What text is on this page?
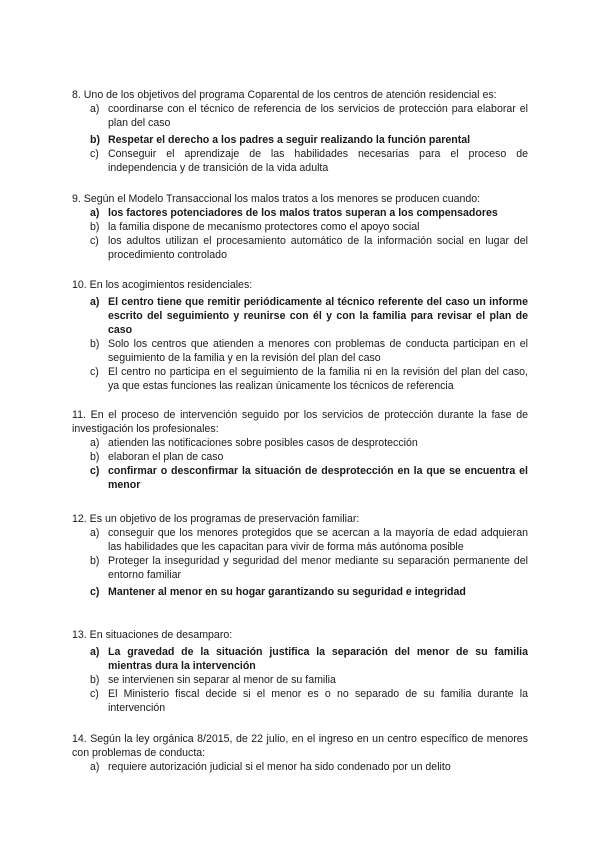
8. Uno de los objetivos del programa Coparental de los centros de atención residencial es:
a) coordinarse con el técnico de referencia de los servicios de protección para elaborar el plan del caso
b) Respetar el derecho a los padres a seguir realizando la función parental
c) Conseguir el aprendizaje de las habilidades necesarias para el proceso de independencia y de transición de la vida adulta
9. Según el Modelo Transaccional los malos tratos a los menores se producen cuando:
a) los factores potenciadores de los malos tratos superan a los compensadores
b) la familia dispone de mecanismo protectores como el apoyo social
c) los adultos utilizan el procesamiento automático de la información social en lugar del procedimiento controlado
10. En los acogimientos residenciales:
a) El centro tiene que remitir periódicamente al técnico referente del caso un informe escrito del seguimiento y reunirse con él y con la familia para revisar el plan de caso
b) Solo los centros que atienden a menores con problemas de conducta participan en el seguimiento de la familia y en la revisión del plan del caso
c) El centro no participa en el seguimiento de la familia ni en la revisión del plan del caso, ya que estas funciones las realizan únicamente los técnicos de referencia
11. En el proceso de intervención seguido por los servicios de protección durante la fase de investigación los profesionales:
a) atienden las notificaciones sobre posibles casos de desprotección
b) elaboran el plan de caso
c) confirmar o desconfirmar la situación de desprotección en la que se encuentra el menor
12. Es un objetivo de los programas de preservación familiar:
a) conseguir que los menores protegidos que se acercan a la mayoría de edad adquieran las habilidades que les capacitan para vivir de forma más autónoma posible
b) Proteger la inseguridad y seguridad del menor mediante su separación permanente del entorno familiar
c) Mantener al menor en su hogar garantizando su seguridad e integridad
13. En situaciones de desamparo:
a) La gravedad de la situación justifica la separación del menor de su familia mientras dura la intervención
b) se intervienen sin separar al menor de su familia
c) El Ministerio fiscal decide si el menor es o no separado de su familia durante la intervención
14. Según la ley orgánica 8/2015, de 22 julio, en el ingreso en un centro específico de menores con problemas de conducta:
a) requiere autorización judicial si el menor ha sido condenado por un delito
